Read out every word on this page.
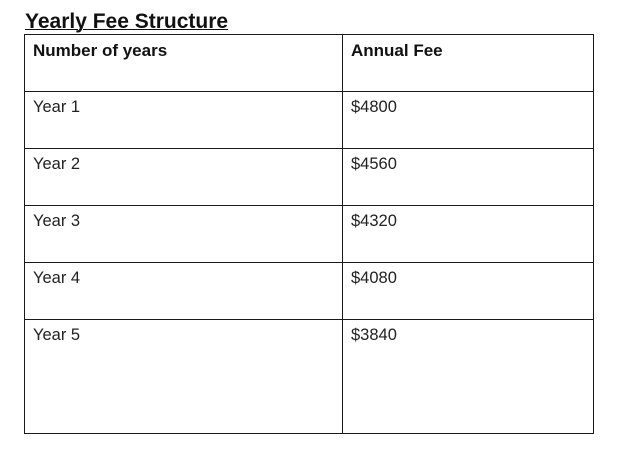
Yearly Fee Structure
Number of years	Annual Fee
Year 1	$4800
Year 2	$4560
Year 3	$4320
Year 4	$4080
Year 5	$3840
